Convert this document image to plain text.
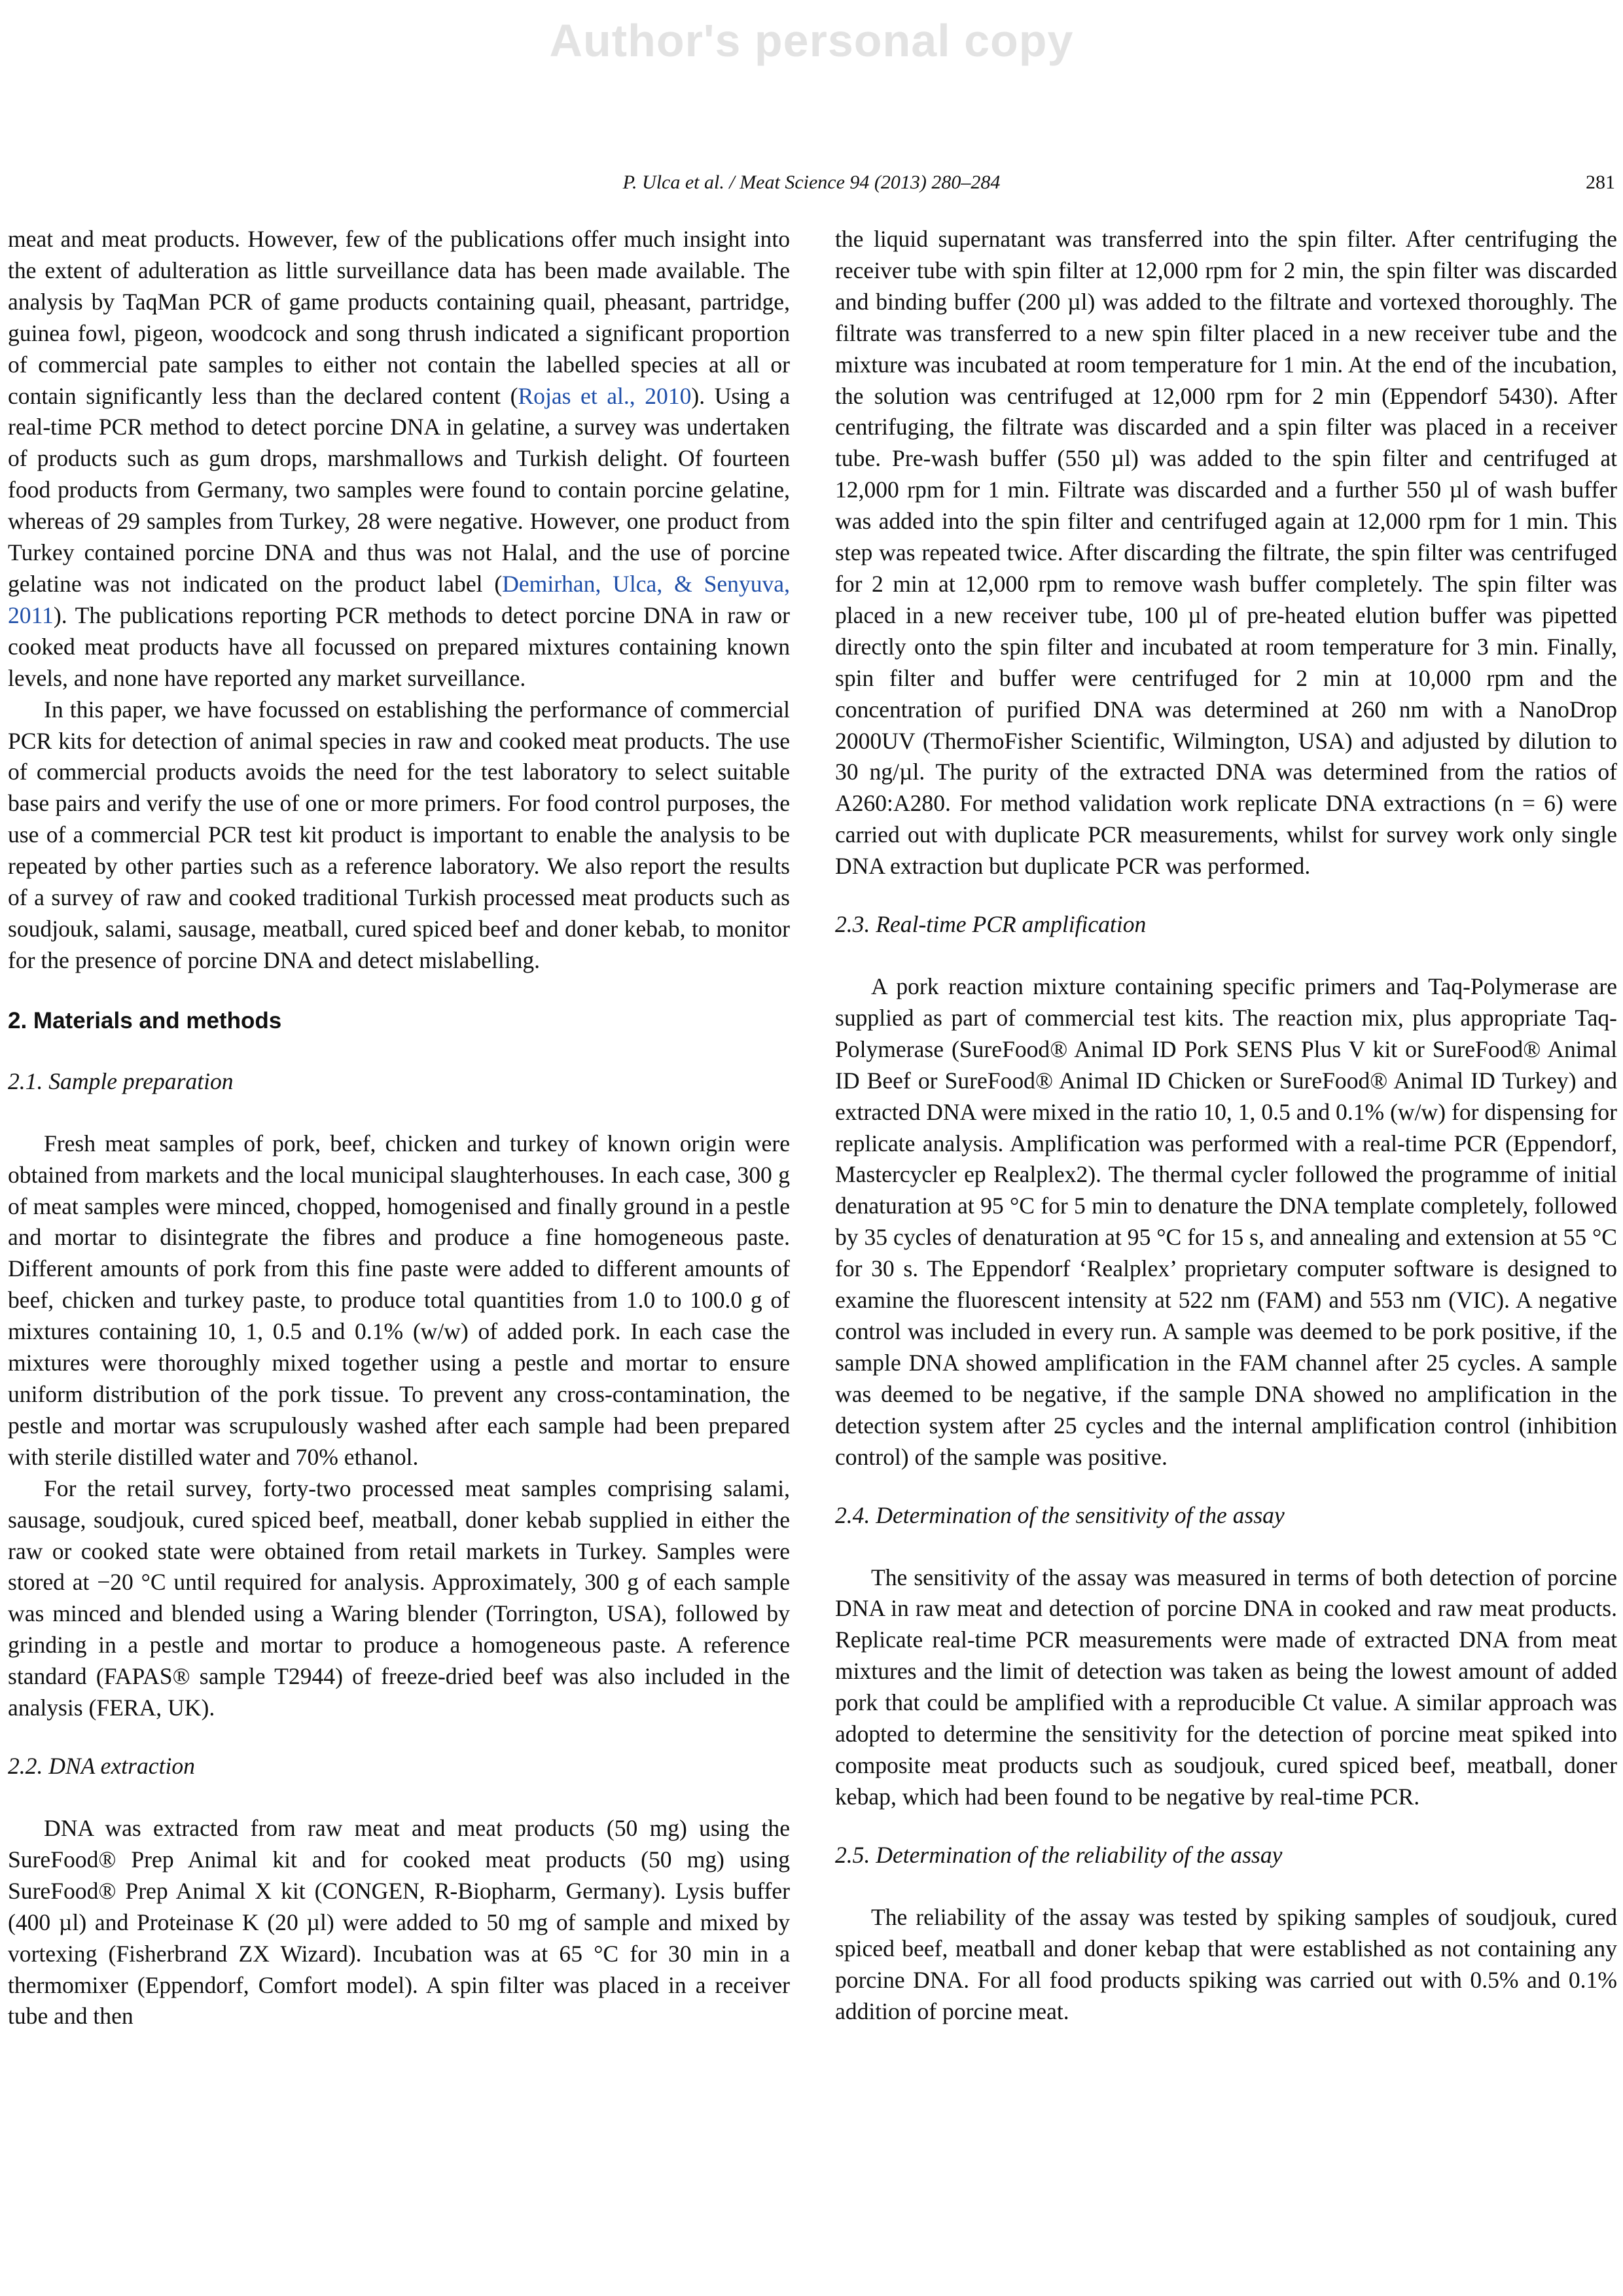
Author's personal copy
P. Ulca et al. / Meat Science 94 (2013) 280–284	281

meat and meat products. However, few of the publications offer much insight into the extent of adulteration as little surveillance data has been made available. The analysis by TaqMan PCR of game products containing quail, pheasant, partridge, guinea fowl, pigeon, woodcock and song thrush indicated a significant proportion of commercial pate samples to either not contain the labelled species at all or contain significantly less than the declared content (Rojas et al., 2010). Using a real-time PCR method to detect porcine DNA in gelatine, a survey was undertaken of products such as gum drops, marshmallows and Turkish delight. Of fourteen food products from Germany, two samples were found to contain porcine gelatine, whereas of 29 samples from Turkey, 28 were negative. However, one product from Turkey contained porcine DNA and thus was not Halal, and the use of porcine gelatine was not indicated on the product label (Demirhan, Ulca, & Senyuva, 2011). The publications reporting PCR methods to detect porcine DNA in raw or cooked meat products have all focussed on prepared mixtures containing known levels, and none have reported any market surveillance.

In this paper, we have focussed on establishing the performance of commercial PCR kits for detection of animal species in raw and cooked meat products. The use of commercial products avoids the need for the test laboratory to select suitable base pairs and verify the use of one or more primers. For food control purposes, the use of a commercial PCR test kit product is important to enable the analysis to be repeated by other parties such as a reference laboratory. We also report the results of a survey of raw and cooked traditional Turkish processed meat products such as soudjouk, salami, sausage, meatball, cured spiced beef and doner kebab, to monitor for the presence of porcine DNA and detect mislabelling.

2. Materials and methods
2.1. Sample preparation

Fresh meat samples of pork, beef, chicken and turkey of known origin were obtained from markets and the local municipal slaughterhouses. In each case, 300 g of meat samples were minced, chopped, homogenised and finally ground in a pestle and mortar to disintegrate the fibres and produce a fine homogeneous paste. Different amounts of pork from this fine paste were added to different amounts of beef, chicken and turkey paste, to produce total quantities from 1.0 to 100.0 g of mixtures containing 10, 1, 0.5 and 0.1% (w/w) of added pork. In each case the mixtures were thoroughly mixed together using a pestle and mortar to ensure uniform distribution of the pork tissue. To prevent any cross-contamination, the pestle and mortar was scrupulously washed after each sample had been prepared with sterile distilled water and 70% ethanol.

For the retail survey, forty-two processed meat samples comprising salami, sausage, soudjouk, cured spiced beef, meatball, doner kebab supplied in either the raw or cooked state were obtained from retail markets in Turkey. Samples were stored at −20 °C until required for analysis. Approximately, 300 g of each sample was minced and blended using a Waring blender (Torrington, USA), followed by grinding in a pestle and mortar to produce a homogeneous paste. A reference standard (FAPAS® sample T2944) of freeze-dried beef was also included in the analysis (FERA, UK).

2.2. DNA extraction

DNA was extracted from raw meat and meat products (50 mg) using the SureFood® Prep Animal kit and for cooked meat products (50 mg) using SureFood® Prep Animal X kit (CONGEN, R-Biopharm, Germany). Lysis buffer (400 µl) and Proteinase K (20 µl) were added to 50 mg of sample and mixed by vortexing (Fisherbrand ZX Wizard). Incubation was at 65 °C for 30 min in a thermomixer (Eppendorf, Comfort model). A spin filter was placed in a receiver tube and then

the liquid supernatant was transferred into the spin filter. After centrifuging the receiver tube with spin filter at 12,000 rpm for 2 min, the spin filter was discarded and binding buffer (200 µl) was added to the filtrate and vortexed thoroughly. The filtrate was transferred to a new spin filter placed in a new receiver tube and the mixture was incubated at room temperature for 1 min. At the end of the incubation, the solution was centrifuged at 12,000 rpm for 2 min (Eppendorf 5430). After centrifuging, the filtrate was discarded and a spin filter was placed in a receiver tube. Pre-wash buffer (550 µl) was added to the spin filter and centrifuged at 12,000 rpm for 1 min. Filtrate was discarded and a further 550 µl of wash buffer was added into the spin filter and centrifuged again at 12,000 rpm for 1 min. This step was repeated twice. After discarding the filtrate, the spin filter was centrifuged for 2 min at 12,000 rpm to remove wash buffer completely. The spin filter was placed in a new receiver tube, 100 µl of pre-heated elution buffer was pipetted directly onto the spin filter and incubated at room temperature for 3 min. Finally, spin filter and buffer were centrifuged for 2 min at 10,000 rpm and the concentration of purified DNA was determined at 260 nm with a NanoDrop 2000UV (ThermoFisher Scientific, Wilmington, USA) and adjusted by dilution to 30 ng/µl. The purity of the extracted DNA was determined from the ratios of A260:A280. For method validation work replicate DNA extractions (n = 6) were carried out with duplicate PCR measurements, whilst for survey work only single DNA extraction but duplicate PCR was performed.

2.3. Real-time PCR amplification

A pork reaction mixture containing specific primers and Taq-Polymerase are supplied as part of commercial test kits. The reaction mix, plus appropriate Taq-Polymerase (SureFood® Animal ID Pork SENS Plus V kit or SureFood® Animal ID Beef or SureFood® Animal ID Chicken or SureFood® Animal ID Turkey) and extracted DNA were mixed in the ratio 10, 1, 0.5 and 0.1% (w/w) for dispensing for replicate analysis. Amplification was performed with a real-time PCR (Eppendorf, Mastercycler ep Realplex2). The thermal cycler followed the programme of initial denaturation at 95 °C for 5 min to denature the DNA template completely, followed by 35 cycles of denaturation at 95 °C for 15 s, and annealing and extension at 55 °C for 30 s. The Eppendorf ‘Realplex’ proprietary computer software is designed to examine the fluorescent intensity at 522 nm (FAM) and 553 nm (VIC). A negative control was included in every run. A sample was deemed to be pork positive, if the sample DNA showed amplification in the FAM channel after 25 cycles. A sample was deemed to be negative, if the sample DNA showed no amplification in the detection system after 25 cycles and the internal amplification control (inhibition control) of the sample was positive.

2.4. Determination of the sensitivity of the assay

The sensitivity of the assay was measured in terms of both detection of porcine DNA in raw meat and detection of porcine DNA in cooked and raw meat products. Replicate real-time PCR measurements were made of extracted DNA from meat mixtures and the limit of detection was taken as being the lowest amount of added pork that could be amplified with a reproducible Ct value. A similar approach was adopted to determine the sensitivity for the detection of porcine meat spiked into composite meat products such as soudjouk, cured spiced beef, meatball, doner kebap, which had been found to be negative by real-time PCR.

2.5. Determination of the reliability of the assay

The reliability of the assay was tested by spiking samples of soudjouk, cured spiced beef, meatball and doner kebap that were established as not containing any porcine DNA. For all food products spiking was carried out with 0.5% and 0.1% addition of porcine meat.
